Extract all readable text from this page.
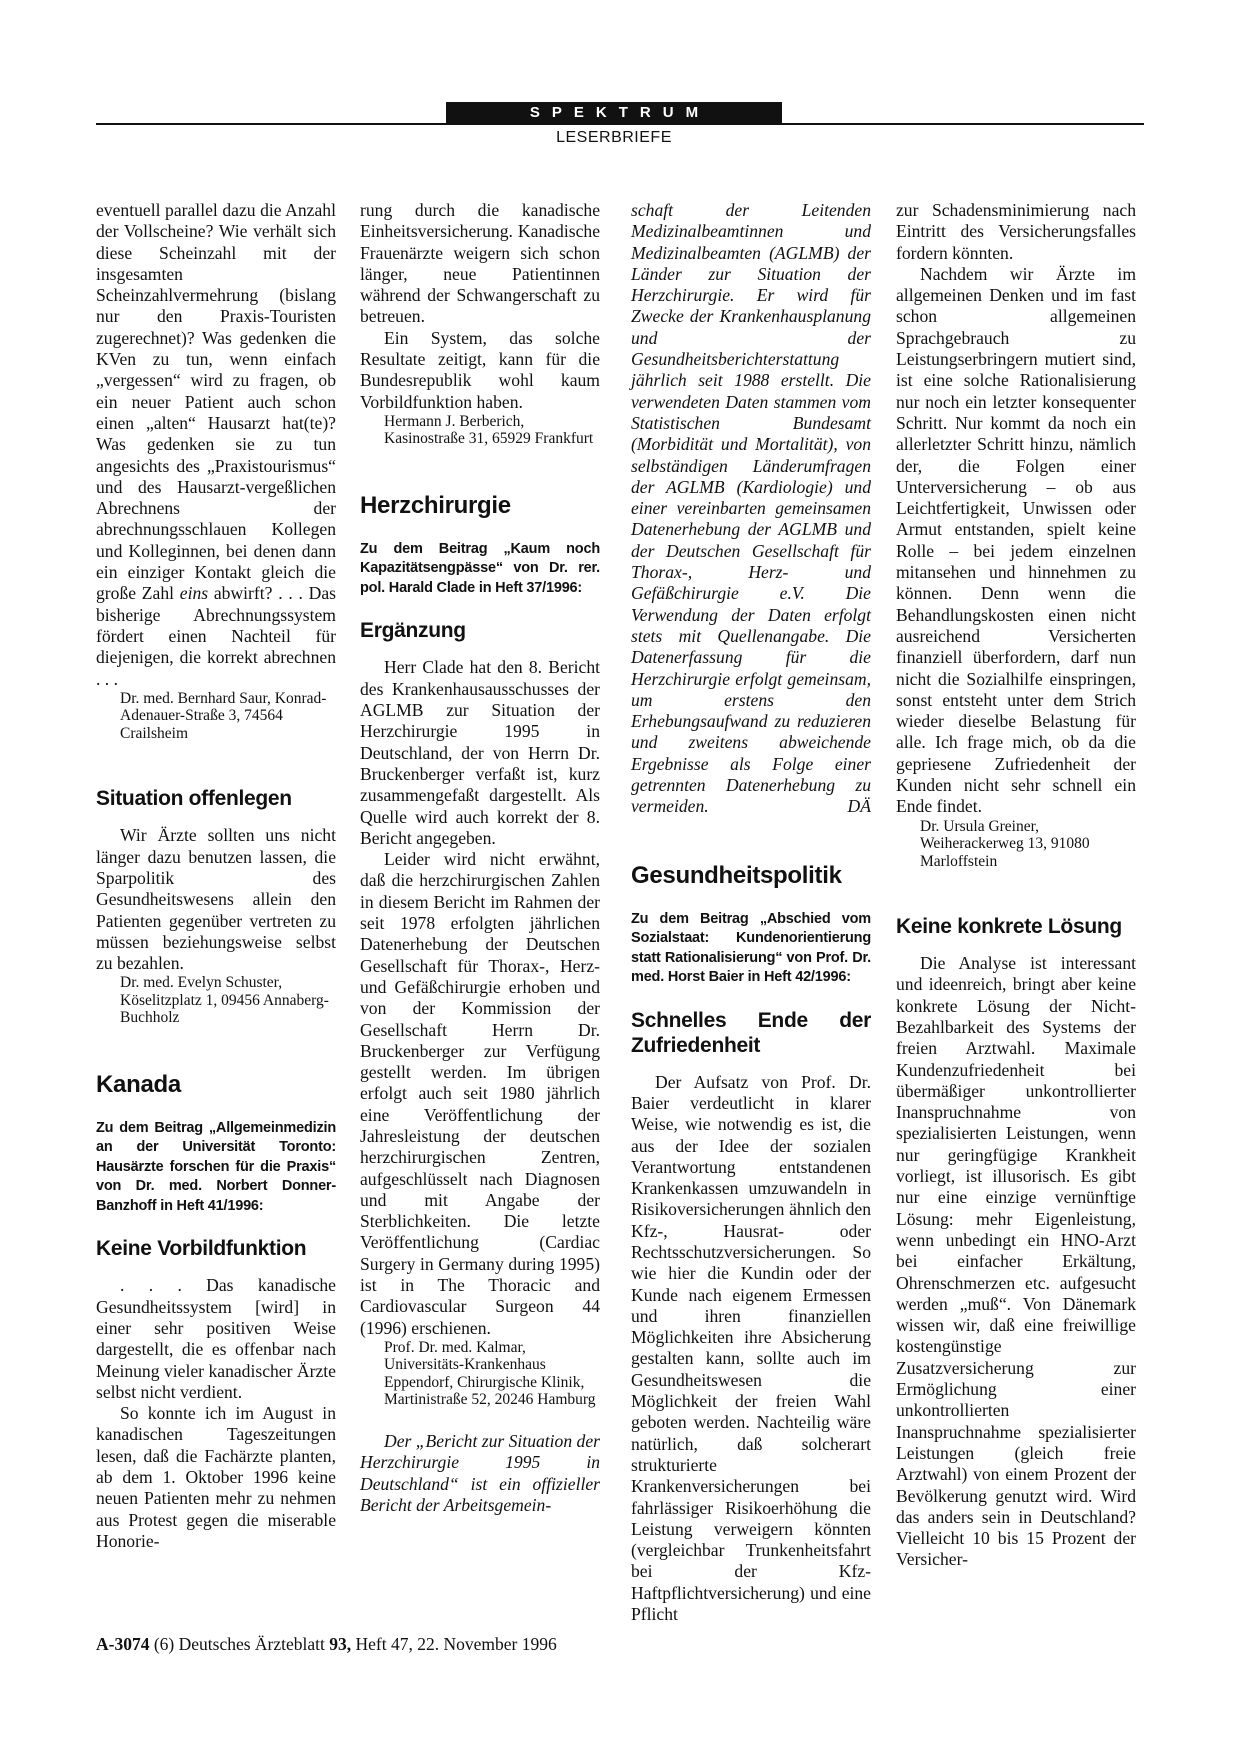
SPEKTRUM
LESERBRIEFE

eventuell parallel dazu die Anzahl der Vollscheine? Wie verhält sich diese Scheinzahl mit der insgesamten Scheinzahlvermehrung (bislang nur den Praxis-Touristen zugerechnet)? Was gedenken die KVen zu tun, wenn einfach „vergessen“ wird zu fragen, ob ein neuer Patient auch schon einen „alten“ Hausarzt hat(te)? Was gedenken sie zu tun angesichts des „Praxistourismus“ und des Hausarzt-vergeßlichen Abrechnens der abrechnungsschlauen Kollegen und Kolleginnen, bei denen dann ein einziger Kontakt gleich die große Zahl eins abwirft? . . . Das bisherige Abrechnungssystem fördert einen Nachteil für diejenigen, die korrekt abrechnen . . .

Dr. med. Bernhard Saur, Konrad-Adenauer-Straße 3, 74564 Crailsheim

Situation offenlegen

Wir Ärzte sollten uns nicht länger dazu benutzen lassen, die Sparpolitik des Gesundheitswesens allein den Patienten gegenüber vertreten zu müssen beziehungsweise selbst zu bezahlen.

Dr. med. Evelyn Schuster, Köselitzplatz 1, 09456 Annaberg-Buchholz

Kanada
Zu dem Beitrag „Allgemeinmedizin an der Universität Toronto: Hausärzte forschen für die Praxis“ von Dr. med. Norbert Donner-Banzhoff in Heft 41/1996:
Keine Vorbildfunktion

. . . Das kanadische Gesundheitssystem [wird] in einer sehr positiven Weise dargestellt, die es offenbar nach Meinung vieler kanadischer Ärzte selbst nicht verdient.

So konnte ich im August in kanadischen Tageszeitungen lesen, daß die Fachärzte planten, ab dem 1. Oktober 1996 keine neuen Patienten mehr zu nehmen aus Protest gegen die miserable Honorie-

rung durch die kanadische Einheitsversicherung. Kanadische Frauenärzte weigern sich schon länger, neue Patientinnen während der Schwangerschaft zu betreuen.

Ein System, das solche Resultate zeitigt, kann für die Bundesrepublik wohl kaum Vorbildfunktion haben.

Hermann J. Berberich, Kasinostraße 31, 65929 Frankfurt

Herzchirurgie
Zu dem Beitrag „Kaum noch Kapazitätsengpässe“ von Dr. rer. pol. Harald Clade in Heft 37/1996:
Ergänzung

Herr Clade hat den 8. Bericht des Krankenhausausschusses der AGLMB zur Situation der Herzchirurgie 1995 in Deutschland, der von Herrn Dr. Bruckenberger verfaßt ist, kurz zusammengefaßt dargestellt. Als Quelle wird auch korrekt der 8. Bericht angegeben.

Leider wird nicht erwähnt, daß die herzchirurgischen Zahlen in diesem Bericht im Rahmen der seit 1978 erfolgten jährlichen Datenerhebung der Deutschen Gesellschaft für Thorax-, Herz- und Gefäßchirurgie erhoben und von der Kommission der Gesellschaft Herrn Dr. Bruckenberger zur Verfügung gestellt werden. Im übrigen erfolgt auch seit 1980 jährlich eine Veröffentlichung der Jahresleistung der deutschen herzchirurgischen Zentren, aufgeschlüsselt nach Diagnosen und mit Angabe der Sterblichkeiten. Die letzte Veröffentlichung (Cardiac Surgery in Germany during 1995) ist in The Thoracic and Cardiovascular Surgeon 44 (1996) erschienen.

Prof. Dr. med. Kalmar, Universitäts-Krankenhaus Eppendorf, Chirurgische Klinik, Martinistraße 52, 20246 Hamburg

Der „Bericht zur Situation der Herzchirurgie 1995 in Deutschland“ ist ein offizieller Bericht der Arbeitsgemein-

schaft der Leitenden Medizinalbeamtinnen und Medizinalbeamten (AGLMB) der Länder zur Situation der Herzchirurgie. Er wird für Zwecke der Krankenhausplanung und der Gesundheitsberichterstattung jährlich seit 1988 erstellt. Die verwendeten Daten stammen vom Statistischen Bundesamt (Morbidität und Mortalität), von selbständigen Länderumfragen der AGLMB (Kardiologie) und einer vereinbarten gemeinsamen Datenerhebung der AGLMB und der Deutschen Gesellschaft für Thorax-, Herz- und Gefäßchirurgie e.V. Die Verwendung der Daten erfolgt stets mit Quellenangabe. Die Datenerfassung für die Herzchirurgie erfolgt gemeinsam, um erstens den Erhebungsaufwand zu reduzieren und zweitens abweichende Ergebnisse als Folge einer getrennten Datenerhebung zu vermeiden.	DÄ

Gesundheitspolitik
Zu dem Beitrag „Abschied vom Sozialstaat: Kundenorientierung statt Rationalisierung“ von Prof. Dr. med. Horst Baier in Heft 42/1996:
Schnelles Ende der Zufriedenheit

Der Aufsatz von Prof. Dr. Baier verdeutlicht in klarer Weise, wie notwendig es ist, die aus der Idee der sozialen Verantwortung entstandenen Krankenkassen umzuwandeln in Risikoversicherungen ähnlich den Kfz-, Hausrat- oder Rechtsschutzversicherungen. So wie hier die Kundin oder der Kunde nach eigenem Ermessen und ihren finanziellen Möglichkeiten ihre Absicherung gestalten kann, sollte auch im Gesundheitswesen die Möglichkeit der freien Wahl geboten werden. Nachteilig wäre natürlich, daß solcherart strukturierte Krankenversicherungen bei fahrlässiger Risikoerhöhung die Leistung verweigern könnten (vergleichbar Trunkenheitsfahrt bei der Kfz-Haftpflichtversicherung) und eine Pflicht

zur Schadensminimierung nach Eintritt des Versicherungsfalles fordern könnten.

Nachdem wir Ärzte im allgemeinen Denken und im fast schon allgemeinen Sprachgebrauch zu Leistungserbringern mutiert sind, ist eine solche Rationalisierung nur noch ein letzter konsequenter Schritt. Nur kommt da noch ein allerletzter Schritt hinzu, nämlich der, die Folgen einer Unterversicherung – ob aus Leichtfertigkeit, Unwissen oder Armut entstanden, spielt keine Rolle – bei jedem einzelnen mitansehen und hinnehmen zu können. Denn wenn die Behandlungskosten einen nicht ausreichend Versicherten finanziell überfordern, darf nun nicht die Sozialhilfe einspringen, sonst entsteht unter dem Strich wieder dieselbe Belastung für alle. Ich frage mich, ob da die gepriesene Zufriedenheit der Kunden nicht sehr schnell ein Ende findet.

Dr. Ursula Greiner, Weiherackerweg 13, 91080 Marloffstein

Keine konkrete Lösung

Die Analyse ist interessant und ideenreich, bringt aber keine konkrete Lösung der Nicht-Bezahlbarkeit des Systems der freien Arztwahl. Maximale Kundenzufriedenheit bei übermäßiger unkontrollierter Inanspruchnahme von spezialisierten Leistungen, wenn nur geringfügige Krankheit vorliegt, ist illusorisch. Es gibt nur eine einzige vernünftige Lösung: mehr Eigenleistung, wenn unbedingt ein HNO-Arzt bei einfacher Erkältung, Ohrenschmerzen etc. aufgesucht werden „muß“. Von Dänemark wissen wir, daß eine freiwillige kostengünstige Zusatzversicherung zur Ermöglichung einer unkontrollierten Inanspruchnahme spezialisierter Leistungen (gleich freie Arztwahl) von einem Prozent der Bevölkerung genutzt wird. Wird das anders sein in Deutschland? Vielleicht 10 bis 15 Prozent der Versicher-

A-3074 (6) Deutsches Ärzteblatt 93, Heft 47, 22. November 1996
